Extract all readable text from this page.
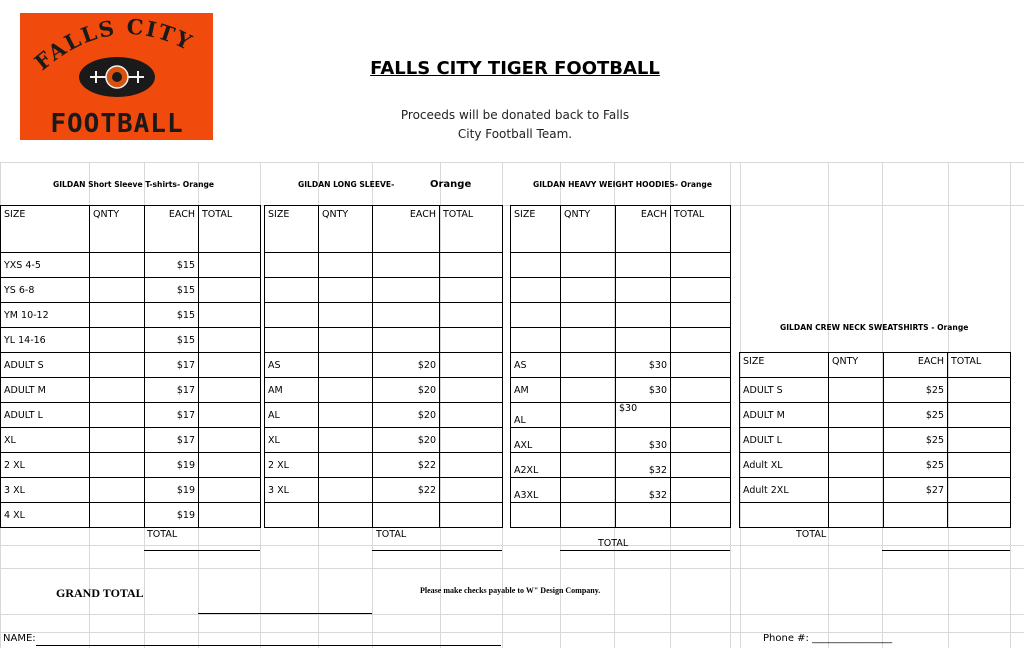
FALLS CITY
FOOTBALL
FALLS CITY TIGER FOOTBALL
Proceeds will be donated back to Falls
City Football Team.
GILDAN Short Sleeve T-shirts- Orange	GILDAN LONG SLEEVE-	Orange	GILDAN HEAVY WEIGHT HOODIES- Orange
GILDAN CREW NECK SWEATSHIRTS - Orange
SIZE	QNTY	EACH	TOTAL
YXS 4-5		$15	
YS 6-8		$15	
YM 10-12		$15	
YL 14-16		$15	
ADULT S		$17	
ADULT M		$17	
ADULT L		$17	
XL		$17	
2 XL		$19	
3 XL		$19	
4 XL		$19	
SIZE	QNTY	EACH	TOTAL

AS		$20	
AM		$20	
AL		$20	
XL		$20	
2 XL		$22	
3 XL		$22	

SIZE	QNTY	EACH	TOTAL

AS		$30	
AM		$30	
AL		$30	
AXL		$30	
A2XL		$32	
A3XL		$32	

SIZE	QNTY	EACH	TOTAL
ADULT S		$25	
ADULT M		$25	
ADULT L		$25	
Adult XL		$25	
Adult 2XL		$27	

TOTAL	TOTAL
TOTAL
TOTAL
GRAND TOTAL	Please make checks payable to W" Design Company.
NAME:	Phone #: ________________
